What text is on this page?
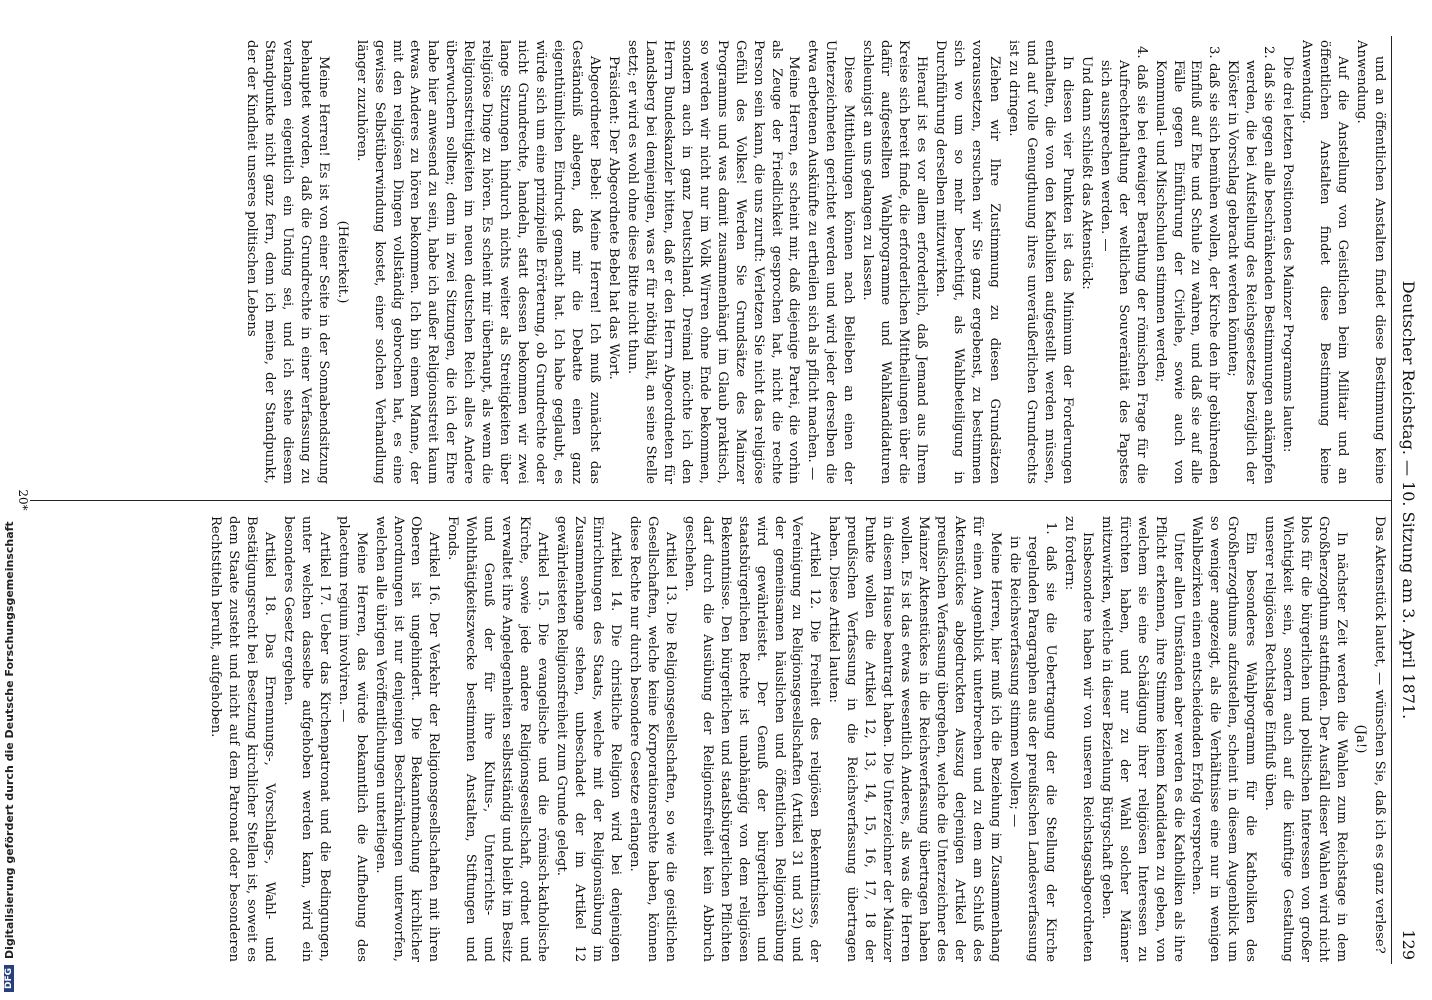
Deutscher Reichstag. — 10. Sitzung am 3. April 1871.
129

und an öffentlichen Anstalten findet diese Bestimmung keine Anwendung.

Auf die Anstellung von Geistlichen beim Militair und an öffentlichen Anstalten findet diese Bestimmung keine Anwendung.

Die drei letzten Positionen des Mainzer Programms lauten:

2. daß sie gegen alle beschränkenden Bestimmungen ankämpfen werden, die bei Aufstellung des Reichsgesetzes bezüglich der Klöster in Vorschlag gebracht werden könnten;

3. daß sie sich bemühen wollen, der Kirche den ihr gebührenden Einfluß auf Ehe und Schule zu wahren, und daß sie auf alle Fälle gegen Einführung der Civilehe, sowie auch von Kommunal- und Mischschulen stimmen werden;

4. daß sie bei etwaiger Berathung der römischen Frage für die Aufrechterhaltung der weltlichen Souveränität des Papstes sich aussprechen werden. —

Und dann schließt das Aktenstück:

In diesen vier Punkten ist das Minimum der Forderungen enthalten, die von den Katholiken aufgestellt werden müssen, und auf volle Genugthuung ihres unveräußerlichen Grundrechts ist zu dringen.

Ziehen wir Ihre Zustimmung zu diesen Grundsätzen voraussetzen, ersuchen wir Sie ganz ergebenst, zu bestimmen sich wo um so mehr berechtigt, als Wahlbeteiligung in Durchführung derselben mitzuwirken.

Hierauf ist es vor allem erforderlich, daß Jemand aus Ihrem Kreise sich bereit finde, die erforderlichen Mittheilungen über die dafür aufgestellten Wahlprogramme und Wahlkandidaturen schleunigst an uns gelangen zu lassen.

Diese Mittheilungen können nach Belieben an einen der Unterzeichneten gerichtet werden und wird jeder derselben die etwa erbetenen Auskünfte zu ertheilen sich als pflicht machen. —

Meine Herren, es scheint mir, daß diejenige Partei, die vorhin als Zeuge der Friedlichkeit gesprochen hat, nicht die rechte Person sein kann, die uns zuruft: Verletzen Sie nicht das religiöse Gefühl des Volkes! Werden Sie Grundsätze des Mainzer Programms und was damit zusammenhängt im Glaub praktisch, so werden wir nicht nur im Volk Wirren ohne Ende bekommen, sondern auch in ganz Deutschland. Dreimal möchte ich den Herrn Bundeskanzler bitten, daß er den Herrn Abgeordneten für Landsberg bei demjenigen, was er für nöthig hält, an seine Stelle setzt; er wird es wohl ohne diese Bitte nicht thun.

Präsident: Der Abgeordnete Bebel hat das Wort.

Abgeordneter Bebel: Meine Herren! Ich muß zunächst das Geständniß ablegen, daß mir die Debatte einen ganz eigenthümlichen Eindruck gemacht hat. Ich habe geglaubt, es würde sich um eine prinzipielle Erörterung, ob Grundrechte oder nicht Grundrechte, handeln, statt dessen bekommen wir zwei lange Sitzungen hindurch nichts weiter als Streitigkeiten über religiöse Dinge zu hören. Es scheint mir überhaupt, als wenn die Religionsstreitigkeiten im neuen deutschen Reich alles Andere überwuchern sollten; denn in zwei Sitzungen, die ich der Ehre habe hier anwesend zu sein, habe ich außer Religionsstreit kaum etwas Anderes zu hören bekommen. Ich bin einem Manne, der mit den religiösen Dingen vollständig gebrochen hat, es eine gewisse Selbstüberwindung kostet, einer solchen Verhandlung länger zuzuhören.

(Heiterkeit.)

Meine Herren! Es ist von einer Seite in der Sonnabendsitzung behauptet worden, daß die Grundrechte in einer Verfassung zu verlangen eigentlich ein Unding sei, und ich stehe diesem Standpunkte nicht ganz fern, denn ich meine, der Standpunkt, der der Kindheit unseres politischen Lebens

Das Aktenstück lautet, — wünschen Sie, daß ich es ganz verlese?

(Ja!)

In nächster Zeit werden die Wahlen zum Reichstage in dem Großherzogthum stattfinden. Der Ausfall dieser Wahlen wird nicht blos für die bürgerlichen und politischen Interessen von großer Wichtigkeit sein, sondern auch auf die künftige Gestaltung unserer religiösen Rechtslage Einfluß üben.

Ein besonderes Wahlprogramm für die Katholiken des Großherzogthums aufzustellen, scheint in diesem Augenblick um so weniger angezeigt, als die Verhältnisse eine nur in wenigen Wahlbezirken einen entscheidenden Erfolg versprechen.

Unter allen Umständen aber werden es die Katholiken als ihre Pflicht erkennen, ihre Stimme keinem Kandidaten zu geben, von welchem sie eine Schädigung ihrer religiösen Interessen zu fürchten haben, und nur zu der Wahl solcher Männer mitzuwirken, welche in dieser Beziehung Bürgschaft geben.

Insbesondere haben wir von unseren Reichstagsabgeordneten zu fordern:

1. daß sie die Uebertragung der die Stellung der Kirche regelnden Paragraphen aus der preußischen Landesverfassung in die Reichsverfassung stimmen wollen; —

Meine Herren, hier muß ich die Beziehung im Zusammenhang für einen Augenblick unterbrechen und zu dem am Schluß des Aktenstückes abgedruckten Auszug derjenigen Artikel der preußischen Verfassung übergehen, welche die Unterzeichner des Mainzer Aktenstückes in die Reichsverfassung übertragen haben wollen. Es ist das etwas wesentlich Anderes, als was die Herren in diesem Hause beantragt haben. Die Unterzeichner der Mainzer Punkte wollen die Artikel 12, 13, 14, 15, 16, 17, 18 der preußischen Verfassung in die Reichsverfassung übertragen haben. Diese Artikel lauten:

Artikel 12. Die Freiheit des religiösen Bekenntnisses, der Vereinigung zu Religionsgesellschaften (Artikel 31 und 32) und der gemeinsamen häuslichen und öffentlichen Religionsübung wird gewährleistet. Der Genuß der bürgerlichen und staatsbürgerlichen Rechte ist unabhängig von dem religiösen Bekenntnisse. Den bürgerlichen und staatsbürgerlichen Pflichten darf durch die Ausübung der Religionsfreiheit kein Abbruch geschehen.

Artikel 13. Die Religionsgesellschaften, so wie die geistlichen Gesellschaften, welche keine Korporationsrechte haben, können diese Rechte nur durch besondere Gesetze erlangen.

Artikel 14. Die christliche Religion wird bei denjenigen Einrichtungen des Staats, welche mit der Religionsübung im Zusammenhange stehen, unbeschadet der im Artikel 12 gewährleisteten Religionsfreiheit zum Grunde gelegt.

Artikel 15. Die evangelische und die römisch-katholische Kirche, sowie jede andere Religionsgesellschaft, ordnet und verwaltet ihre Angelegenheiten selbstständig und bleibt im Besitz und Genuß der für ihre Kultus-, Unterrichts- und Wohlthätigkeitszwecke bestimmten Anstalten, Stiftungen und Fonds.

Artikel 16. Der Verkehr der Religionsgesellschaften mit ihren Oberen ist ungehindert. Die Bekanntmachung kirchlicher Anordnungen ist nur denjenigen Beschränkungen unterworfen, welchen alle übrigen Veröffentlichungen unterliegen.

Meine Herren, das würde bekanntlich die Aufhebung des placetum regium involviren. —

Artikel 17. Ueber das Kirchenpatronat und die Bedingungen, unter welchen dasselbe aufgehoben werden kann, wird ein besonderes Gesetz ergehen.

Artikel 18. Das Ernennungs-, Vorschlags-, Wahl- und Bestätigungsrecht bei Besetzung kirchlicher Stellen ist, soweit es dem Staate zusteht und nicht auf dem Patronat oder besonderen Rechtstiteln beruht, aufgehoben.

20*
DFG
Digitalisierung gefördert durch die Deutsche Forschungsgemeinschaft
